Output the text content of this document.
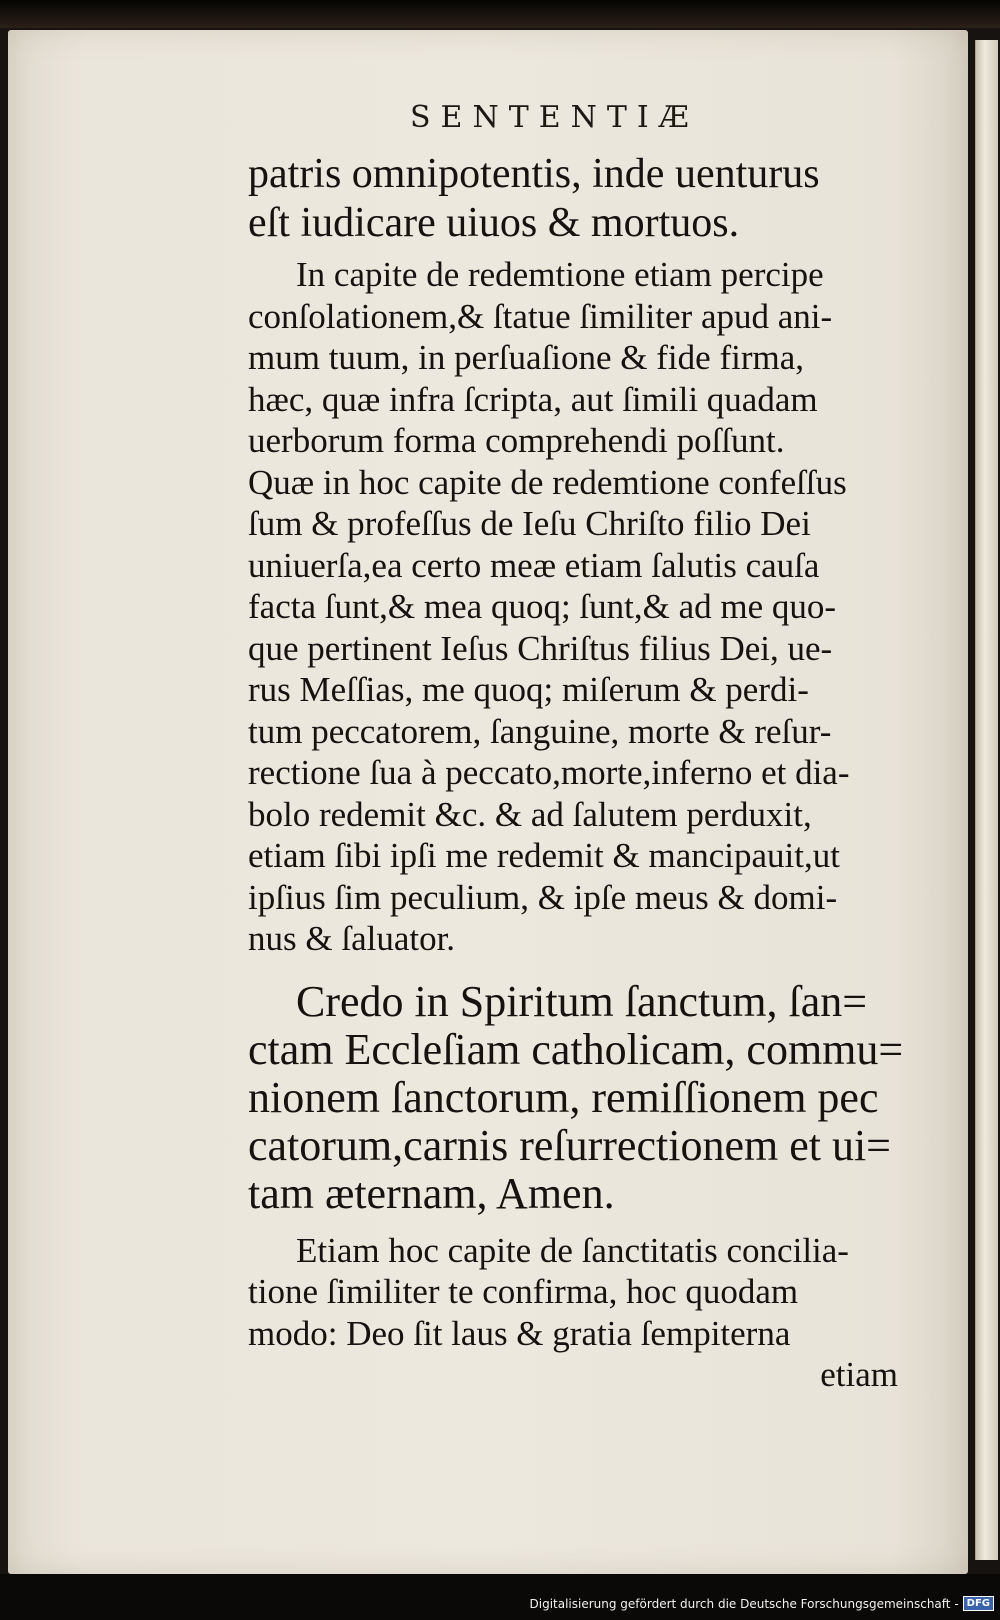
SENTENTIÆ
patris omnipotentis, inde uenturus
eſt iudicare uiuos & mortuos.
In capite de redemtione etiam percipe
conſolationem,& ſtatue ſimiliter apud ani-
mum tuum, in perſuaſione & fide firma,
hæc, quæ infra ſcripta, aut ſimili quadam
uerborum forma comprehendi poſſunt.
Quæ in hoc capite de redemtione confeſſus
ſum & profeſſus de Ieſu Chriſto filio Dei
uniuerſa,ea certo meæ etiam ſalutis cauſa
facta ſunt,& mea quoq; ſunt,& ad me quo-
que pertinent Ieſus Chriſtus filius Dei, ue-
rus Meſſias, me quoq; miſerum & perdi-
tum peccatorem, ſanguine, morte & reſur-
rectione ſua à peccato,morte,inferno et dia-
bolo redemit &c. & ad ſalutem perduxit,
etiam ſibi ipſi me redemit & mancipauit,ut
ipſius ſim peculium, & ipſe meus & domi-
nus & ſaluator.
Credo in Spiritum ſanctum, ſan=
ctam Eccleſiam catholicam, commu=
nionem ſanctorum, remiſſionem pec
catorum,carnis reſurrectionem et ui=
tam æternam, Amen.
Etiam hoc capite de ſanctitatis concilia-
tione ſimiliter te confirma, hoc quodam
modo: Deo ſit laus & gratia ſempiterna
etiam
Digitalisierung gefördert durch die Deutsche Forschungsgemeinschaft - DFG
